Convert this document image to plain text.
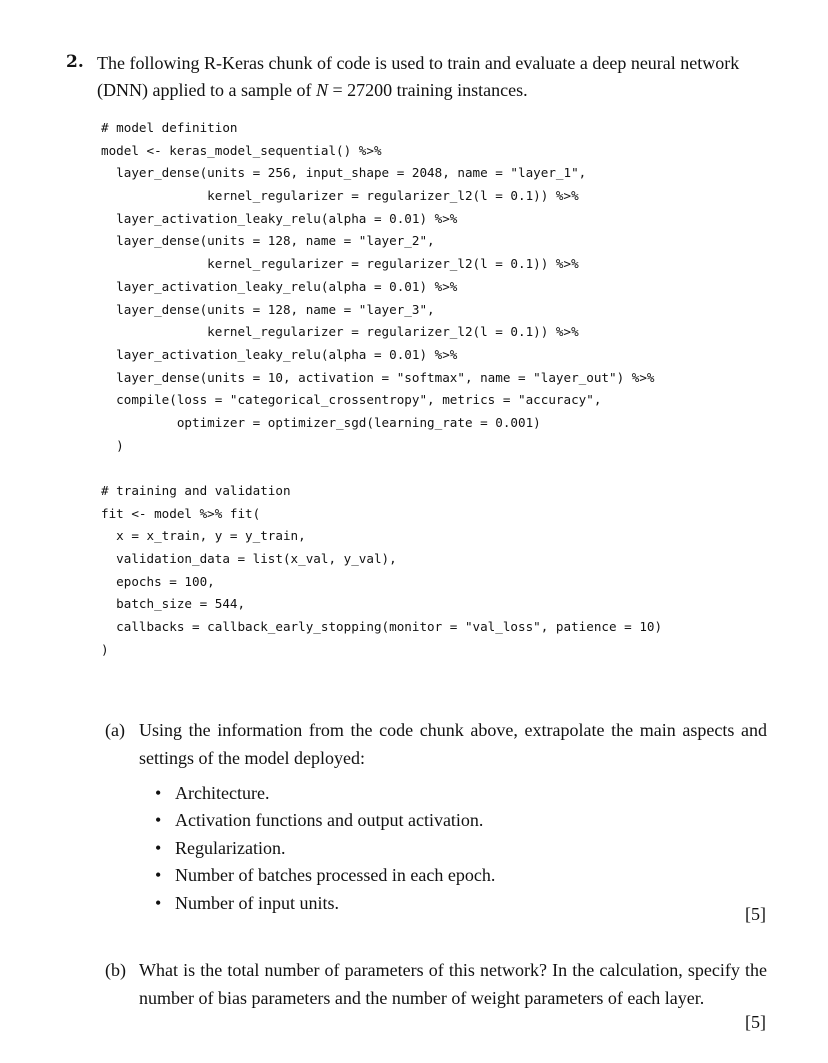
2. The following R-Keras chunk of code is used to train and evaluate a deep neural network (DNN) applied to a sample of N = 27200 training instances.
# model definition
model <- keras_model_sequential() %>%
layer_dense(units = 256, input_shape = 2048, name = "layer_1",
kernel_regularizer = regularizer_l2(l = 0.1)) %>%
layer_activation_leaky_relu(alpha = 0.01) %>%
layer_dense(units = 128, name = "layer_2",
kernel_regularizer = regularizer_l2(l = 0.1)) %>%
layer_activation_leaky_relu(alpha = 0.01) %>%
layer_dense(units = 128, name = "layer_3",
kernel_regularizer = regularizer_l2(l = 0.1)) %>%
layer_activation_leaky_relu(alpha = 0.01) %>%
layer_dense(units = 10, activation = "softmax", name = "layer_out") %>%
compile(loss = "categorical_crossentropy", metrics = "accuracy",
optimizer = optimizer_sgd(learning_rate = 0.001)
)
# training and validation
fit <- model %>% fit(
x = x_train, y = y_train,
validation_data = list(x_val, y_val),
epochs = 100,
batch_size = 544,
callbacks = callback_early_stopping(monitor = "val_loss", patience = 10)
)
(a) Using the information from the code chunk above, extrapolate the main aspects and settings of the model deployed:
• Architecture.
• Activation functions and output activation.
• Regularization.
• Number of batches processed in each epoch.
• Number of input units.
[5]
(b) What is the total number of parameters of this network? In the calculation, specify the number of bias parameters and the number of weight parameters of each layer.
[5]
